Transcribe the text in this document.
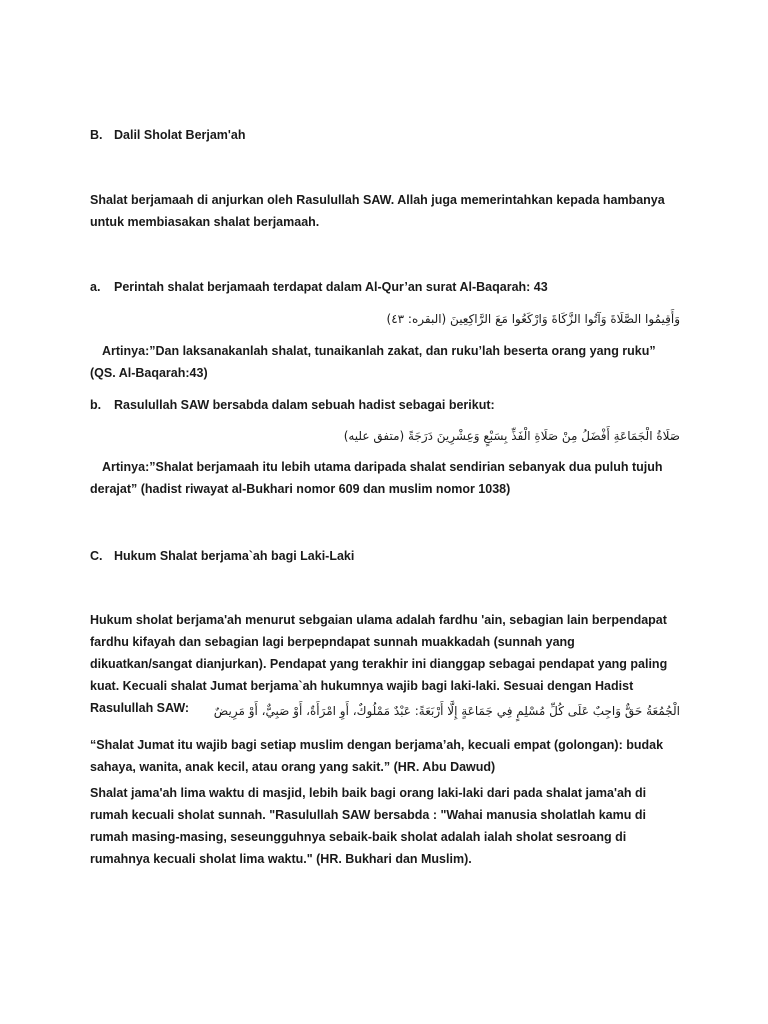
B. Dalil Sholat Berjam'ah

Shalat berjamaah di anjurkan oleh Rasulullah SAW. Allah juga memerintahkan kepada hambanya untuk membiasakan shalat berjamaah.

a. Perintah shalat berjamaah terdapat dalam Al-Qur’an surat Al-Baqarah: 43

وَأَقِيمُوا الصَّلَاةَ وَآتُوا الزَّكَاةَ وَارْكَعُوا مَعَ الرَّاكِعِينَ (البقره: ٤٣)

Artinya:”Dan laksanakanlah shalat, tunaikanlah zakat, dan ruku’lah beserta orang yang ruku” (QS. Al-Baqarah:43)

b. Rasulullah SAW bersabda dalam sebuah hadist sebagai berikut:

صَلَاةُ الْجَمَاعَةِ أَفْضَلُ مِنْ صَلَاةِ الْفَذِّ بِسَبْعٍ وَعِشْرِينَ دَرَجَةً (متفق عليه)

Artinya:”Shalat berjamaah itu lebih utama daripada shalat sendirian sebanyak dua puluh tujuh derajat” (hadist riwayat al-Bukhari nomor 609 dan muslim nomor 1038)

C. Hukum Shalat berjama`ah bagi Laki-Laki

Hukum sholat berjama'ah menurut sebgaian ulama adalah fardhu 'ain, sebagian lain berpendapat fardhu kifayah dan sebagian lagi berpepndapat sunnah muakkadah (sunnah yang dikuatkan/sangat dianjurkan). Pendapat yang terakhir ini dianggap sebagai pendapat yang paling kuat. Kecuali shalat Jumat berjama`ah hukumnya wajib bagi laki-laki. Sesuai dengan Hadist Rasulullah SAW:	الْجُمُعَةُ حَقٌّ وَاجِبٌ عَلَى كُلِّ مُسْلِمٍ فِي جَمَاعَةٍ إِلَّا أَرْبَعَةً: عَبْدٌ مَمْلُوكٌ، أَوِ امْرَأَةٌ، أَوْ صَبِيٌّ، أَوْ مَرِيضٌ

“Shalat Jumat itu wajib bagi setiap muslim dengan berjama’ah, kecuali empat (golongan): budak sahaya, wanita, anak kecil, atau orang yang sakit.” (HR. Abu Dawud)

Shalat jama'ah lima waktu di masjid, lebih baik bagi orang laki-laki dari pada shalat jama'ah di rumah kecuali sholat sunnah. "Rasulullah SAW bersabda : "Wahai manusia sholatlah kamu di rumah masing-masing, seseungguhnya sebaik-baik sholat adalah ialah sholat sesroang di rumahnya kecuali sholat lima waktu." (HR. Bukhari dan Muslim).
